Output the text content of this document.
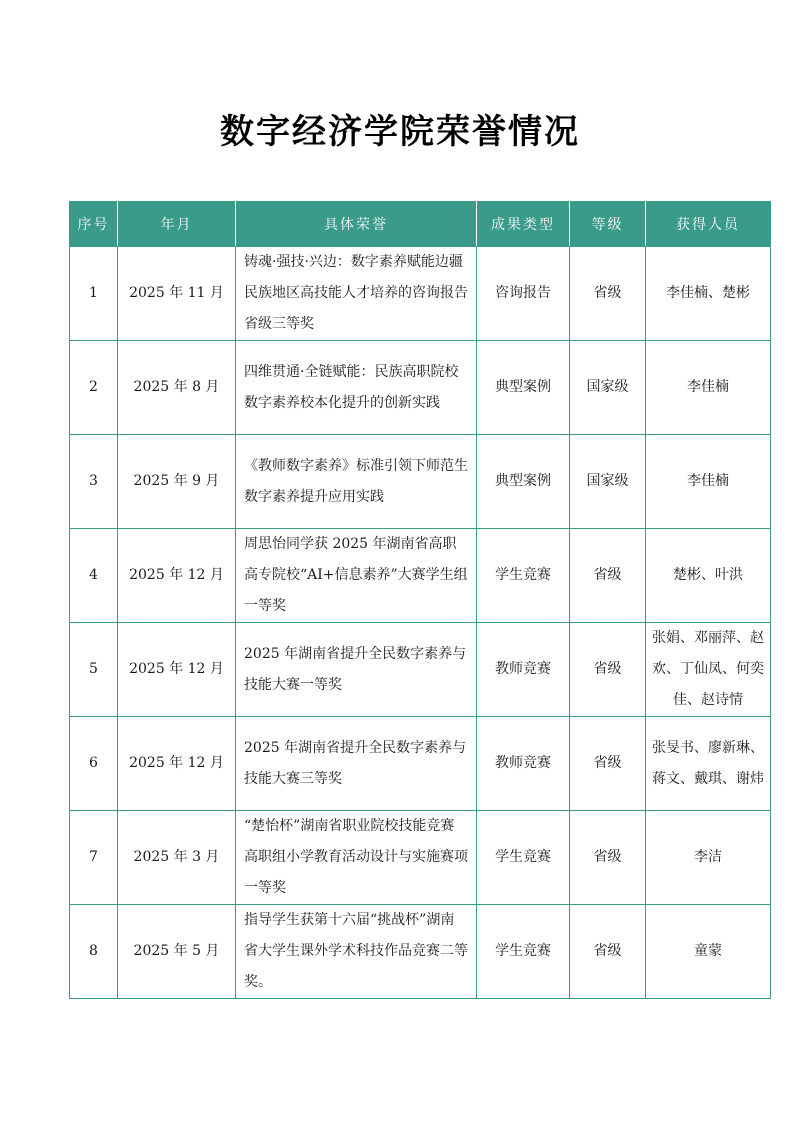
数字经济学院荣誉情况
序号	年月	具体荣誉	成果类型	等级	获得人员
1	2025 年 11 月	铸魂·强技·兴边：数字素养赋能边疆民族地区高技能人才培养的咨询报告省级三等奖	咨询报告	省级	李佳楠、楚彬
2	2025 年 8 月	四维贯通·全链赋能：民族高职院校数字素养校本化提升的创新实践	典型案例	国家级	李佳楠
3	2025 年 9 月	《教师数字素养》标准引领下师范生数字素养提升应用实践	典型案例	国家级	李佳楠
4	2025 年 12 月	周思怡同学获 2025 年湖南省高职高专院校“AI+信息素养”大赛学生组一等奖	学生竞赛	省级	楚彬、叶洪
5	2025 年 12 月	2025 年湖南省提升全民数字素养与技能大赛一等奖	教师竞赛	省级	张娟、邓丽萍、赵欢、丁仙凤、何奕佳、赵诗情
6	2025 年 12 月	2025 年湖南省提升全民数字素养与技能大赛三等奖	教师竞赛	省级	张旻书、廖新琳、蒋文、戴琪、谢炜
7	2025 年 3 月	“楚怡杯”湖南省职业院校技能竞赛高职组小学教育活动设计与实施赛项一等奖	学生竞赛	省级	李洁
8	2025 年 5 月	指导学生获第十六届“挑战杯”湖南省大学生课外学术科技作品竞赛二等奖。	学生竞赛	省级	童蒙
